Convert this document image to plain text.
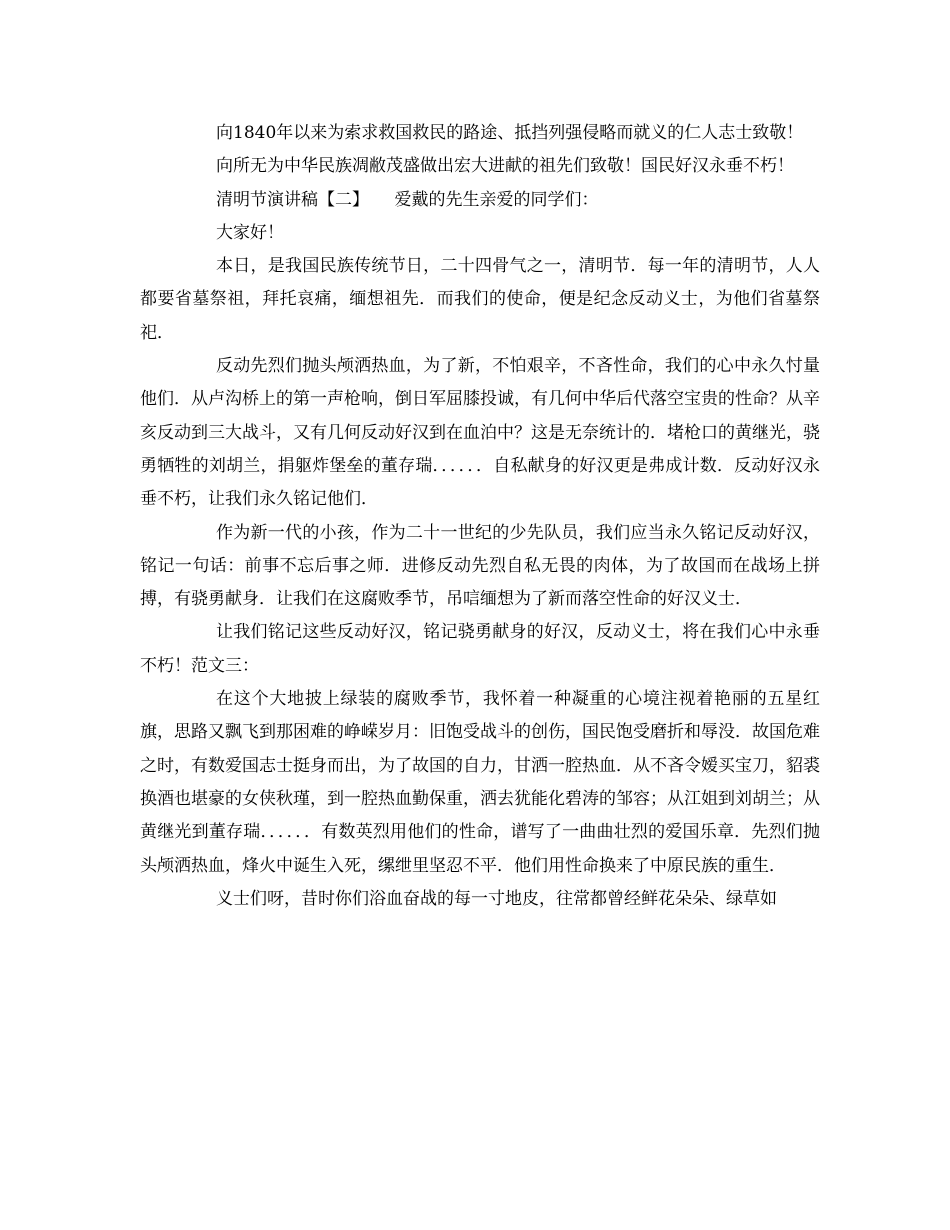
向1840年以来为索求救国救民的路途、抵挡列强侵略而就义的仁人志士致敬！

向所无为中华民族凋敝茂盛做出宏大进献的祖先们致敬！国民好汉永垂不朽！

清明节演讲稿【二】　　爱戴的先生亲爱的同学们：

大家好！

本日，是我国民族传统节日，二十四骨气之一，清明节．每一年的清明节，人人都要省墓祭祖，拜托哀痛，缅想祖先．而我们的使命，便是纪念反动义士，为他们省墓祭祀．

反动先烈们抛头颅洒热血，为了新，不怕艰辛，不吝性命，我们的心中永久忖量他们．从卢沟桥上的第一声枪响，倒日军屈膝投诚，有几何中华后代落空宝贵的性命？从辛亥反动到三大战斗，又有几何反动好汉到在血泊中？这是无奈统计的．堵枪口的黄继光，骁勇牺牲的刘胡兰，捐躯炸堡垒的董存瑞．．．．．．自私献身的好汉更是弗成计数．反动好汉永垂不朽，让我们永久铭记他们．

作为新一代的小孩，作为二十一世纪的少先队员，我们应当永久铭记反动好汉，铭记一句话：前事不忘后事之师．进修反动先烈自私无畏的肉体，为了故国而在战场上拼搏，有骁勇献身．让我们在这腐败季节，吊唁缅想为了新而落空性命的好汉义士．

让我们铭记这些反动好汉，铭记骁勇献身的好汉，反动义士，将在我们心中永垂不朽！范文三：

在这个大地披上绿装的腐败季节，我怀着一种凝重的心境注视着艳丽的五星红旗，思路又飘飞到那困难的峥嵘岁月：旧饱受战斗的创伤，国民饱受磨折和辱没．故国危难之时，有数爱国志士挺身而出，为了故国的自力，甘洒一腔热血．从不吝令嫒买宝刀，貂裘换酒也堪豪的女侠秋瑾，到一腔热血勤保重，洒去犹能化碧涛的邹容；从江姐到刘胡兰；从黄继光到董存瑞．．．．．．有数英烈用他们的性命，谱写了一曲曲壮烈的爱国乐章．先烈们抛头颅洒热血，烽火中诞生入死，缧绁里坚忍不平．他们用性命换来了中原民族的重生．

义士们呀，昔时你们浴血奋战的每一寸地皮，往常都曾经鲜花朵朵、绿草如
